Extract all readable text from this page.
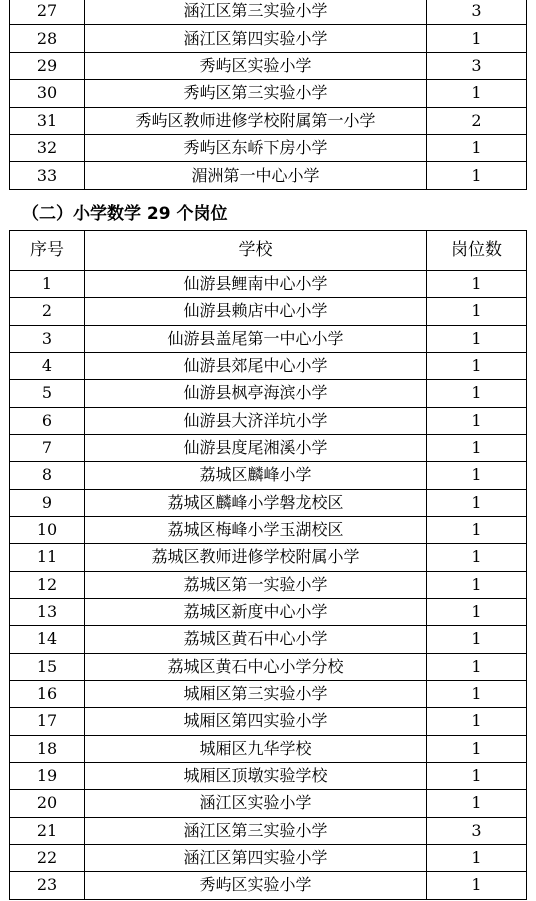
27	涵江区第三实验小学	3
28	涵江区第四实验小学	1
29	秀屿区实验小学	3
30	秀屿区第三实验小学	1
31	秀屿区教师进修学校附属第一小学	2
32	秀屿区东峤下房小学	1
33	湄洲第一中心小学	1
（二）小学数学 29 个岗位
序号	学校	岗位数
1	仙游县鲤南中心小学	1
2	仙游县赖店中心小学	1
3	仙游县盖尾第一中心小学	1
4	仙游县郊尾中心小学	1
5	仙游县枫亭海滨小学	1
6	仙游县大济洋坑小学	1
7	仙游县度尾湘溪小学	1
8	荔城区麟峰小学	1
9	荔城区麟峰小学磐龙校区	1
10	荔城区梅峰小学玉湖校区	1
11	荔城区教师进修学校附属小学	1
12	荔城区第一实验小学	1
13	荔城区新度中心小学	1
14	荔城区黄石中心小学	1
15	荔城区黄石中心小学分校	1
16	城厢区第三实验小学	1
17	城厢区第四实验小学	1
18	城厢区九华学校	1
19	城厢区顶墩实验学校	1
20	涵江区实验小学	1
21	涵江区第三实验小学	3
22	涵江区第四实验小学	1
23	秀屿区实验小学	1
